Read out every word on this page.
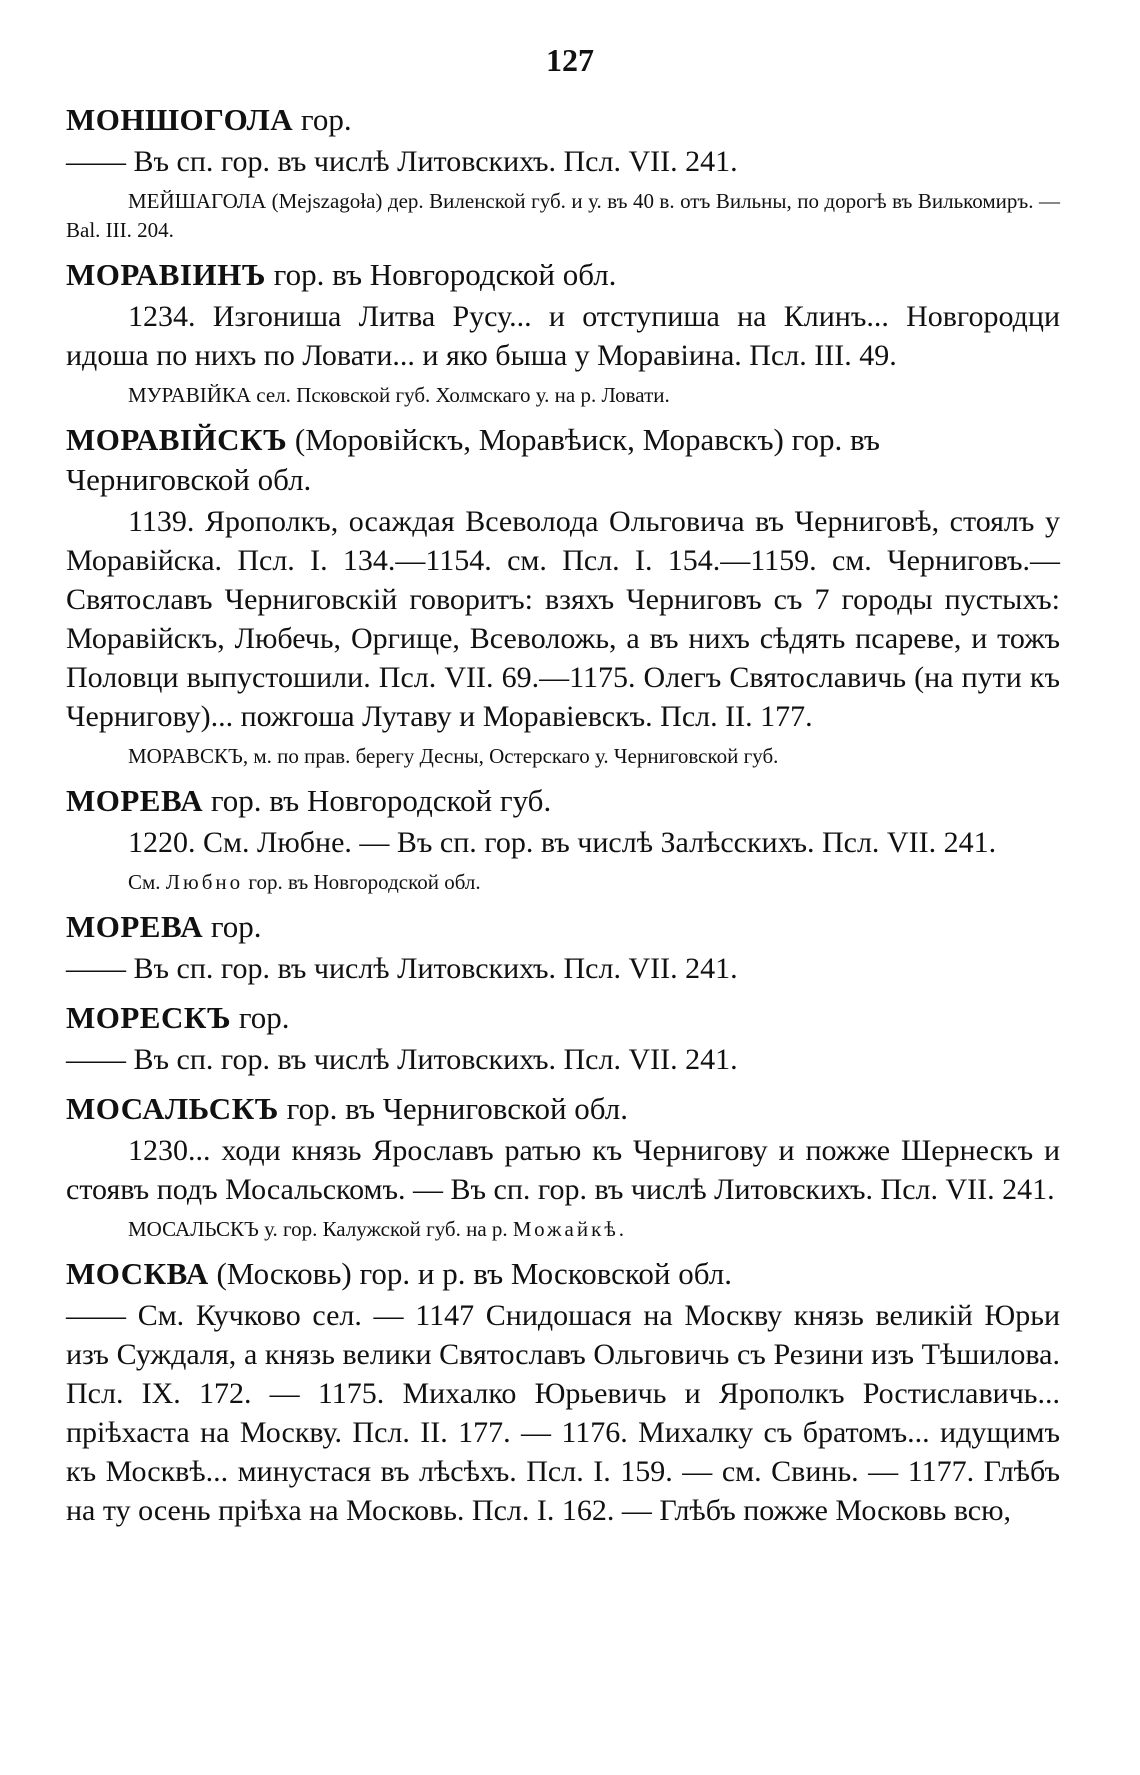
127
МОНШОГОЛА гор.
—— Въ сп. гор. въ числѣ Литовскихъ. Псл. VII. 241.
МЕЙШАГОЛА (Mejszagoła) дер. Виленской губ. и у. въ 40 в. отъ Вильны, по дорогѣ въ Вилькомиръ. — Bal. III. 204.
МОРАВІИНЪ гор. въ Новгородской обл.
1234. Изгониша Литва Русу... и отступиша на Клинъ... Новгородци идоша по нихъ по Ловати... и яко быша у Моравіина. Псл. III. 49.
МУРАВІЙКА сел. Псковской губ. Холмскаго у. на р. Ловати.
МОРАВІЙСКЪ (Моровійскъ, Моравѣиск, Моравскъ) гор. въ Черниговской обл.
1139. Ярополкъ, осаждая Всеволода Ольговича въ Черниговѣ, стоялъ у Моравійска. Псл. I. 134.—1154. см. Псл. I. 154.—1159. см. Черниговъ.—Святославъ Черниговскій говоритъ: взяхъ Черниговъ съ 7 городы пустыхъ: Моравійскъ, Любечь, Оргище, Всеволожь, а въ нихъ сѣдять псареве, и тожъ Половци выпустошили. Псл. VII. 69.—1175. Олегъ Святославичь (на пути къ Чернигову)... пожгоша Лутаву и Моравіевскъ. Псл. II. 177.
МОРАВСКЪ, м. по прав. берегу Десны, Остерскаго у. Черниговской губ.
МОРЕВА гор. въ Новгородской губ.
1220. См. Любне. — Въ сп. гор. въ числѣ Залѣсскихъ. Псл. VII. 241.
См. Любно гор. въ Новгородской обл.
МОРЕВА гор.
—— Въ сп. гор. въ числѣ Литовскихъ. Псл. VII. 241.
МОРЕСКЪ гор.
—— Въ сп. гор. въ числѣ Литовскихъ. Псл. VII. 241.
МОСАЛЬСКЪ гор. въ Черниговской обл.
1230... ходи князь Ярославъ ратью къ Чернигову и пожже Шернескъ и стоявъ подъ Мосальскомъ. — Въ сп. гор. въ числѣ Литовскихъ. Псл. VII. 241.
МОСАЛЬСКЪ у. гор. Калужской губ. на р. Можайкѣ.
МОСКВА (Московь) гор. и р. въ Московской обл.
—— См. Кучково сел. — 1147 Снидошася на Москву князь великій Юрьи изъ Суждаля, а князь велики Святославъ Ольговичь съ Резини изъ Тѣшилова. Псл. IX. 172. — 1175. Михалко Юрьевичь и Ярополкъ Ростиславичь... пріѣхаста на Москву. Псл. II. 177. — 1176. Михалку съ братомъ... идущимъ къ Москвѣ... минустася въ лѣсѣхъ. Псл. I. 159. — см. Свинь. — 1177. Глѣбъ на ту осень пріѣха на Московь. Псл. I. 162. — Глѣбъ пожже Московь всю,
